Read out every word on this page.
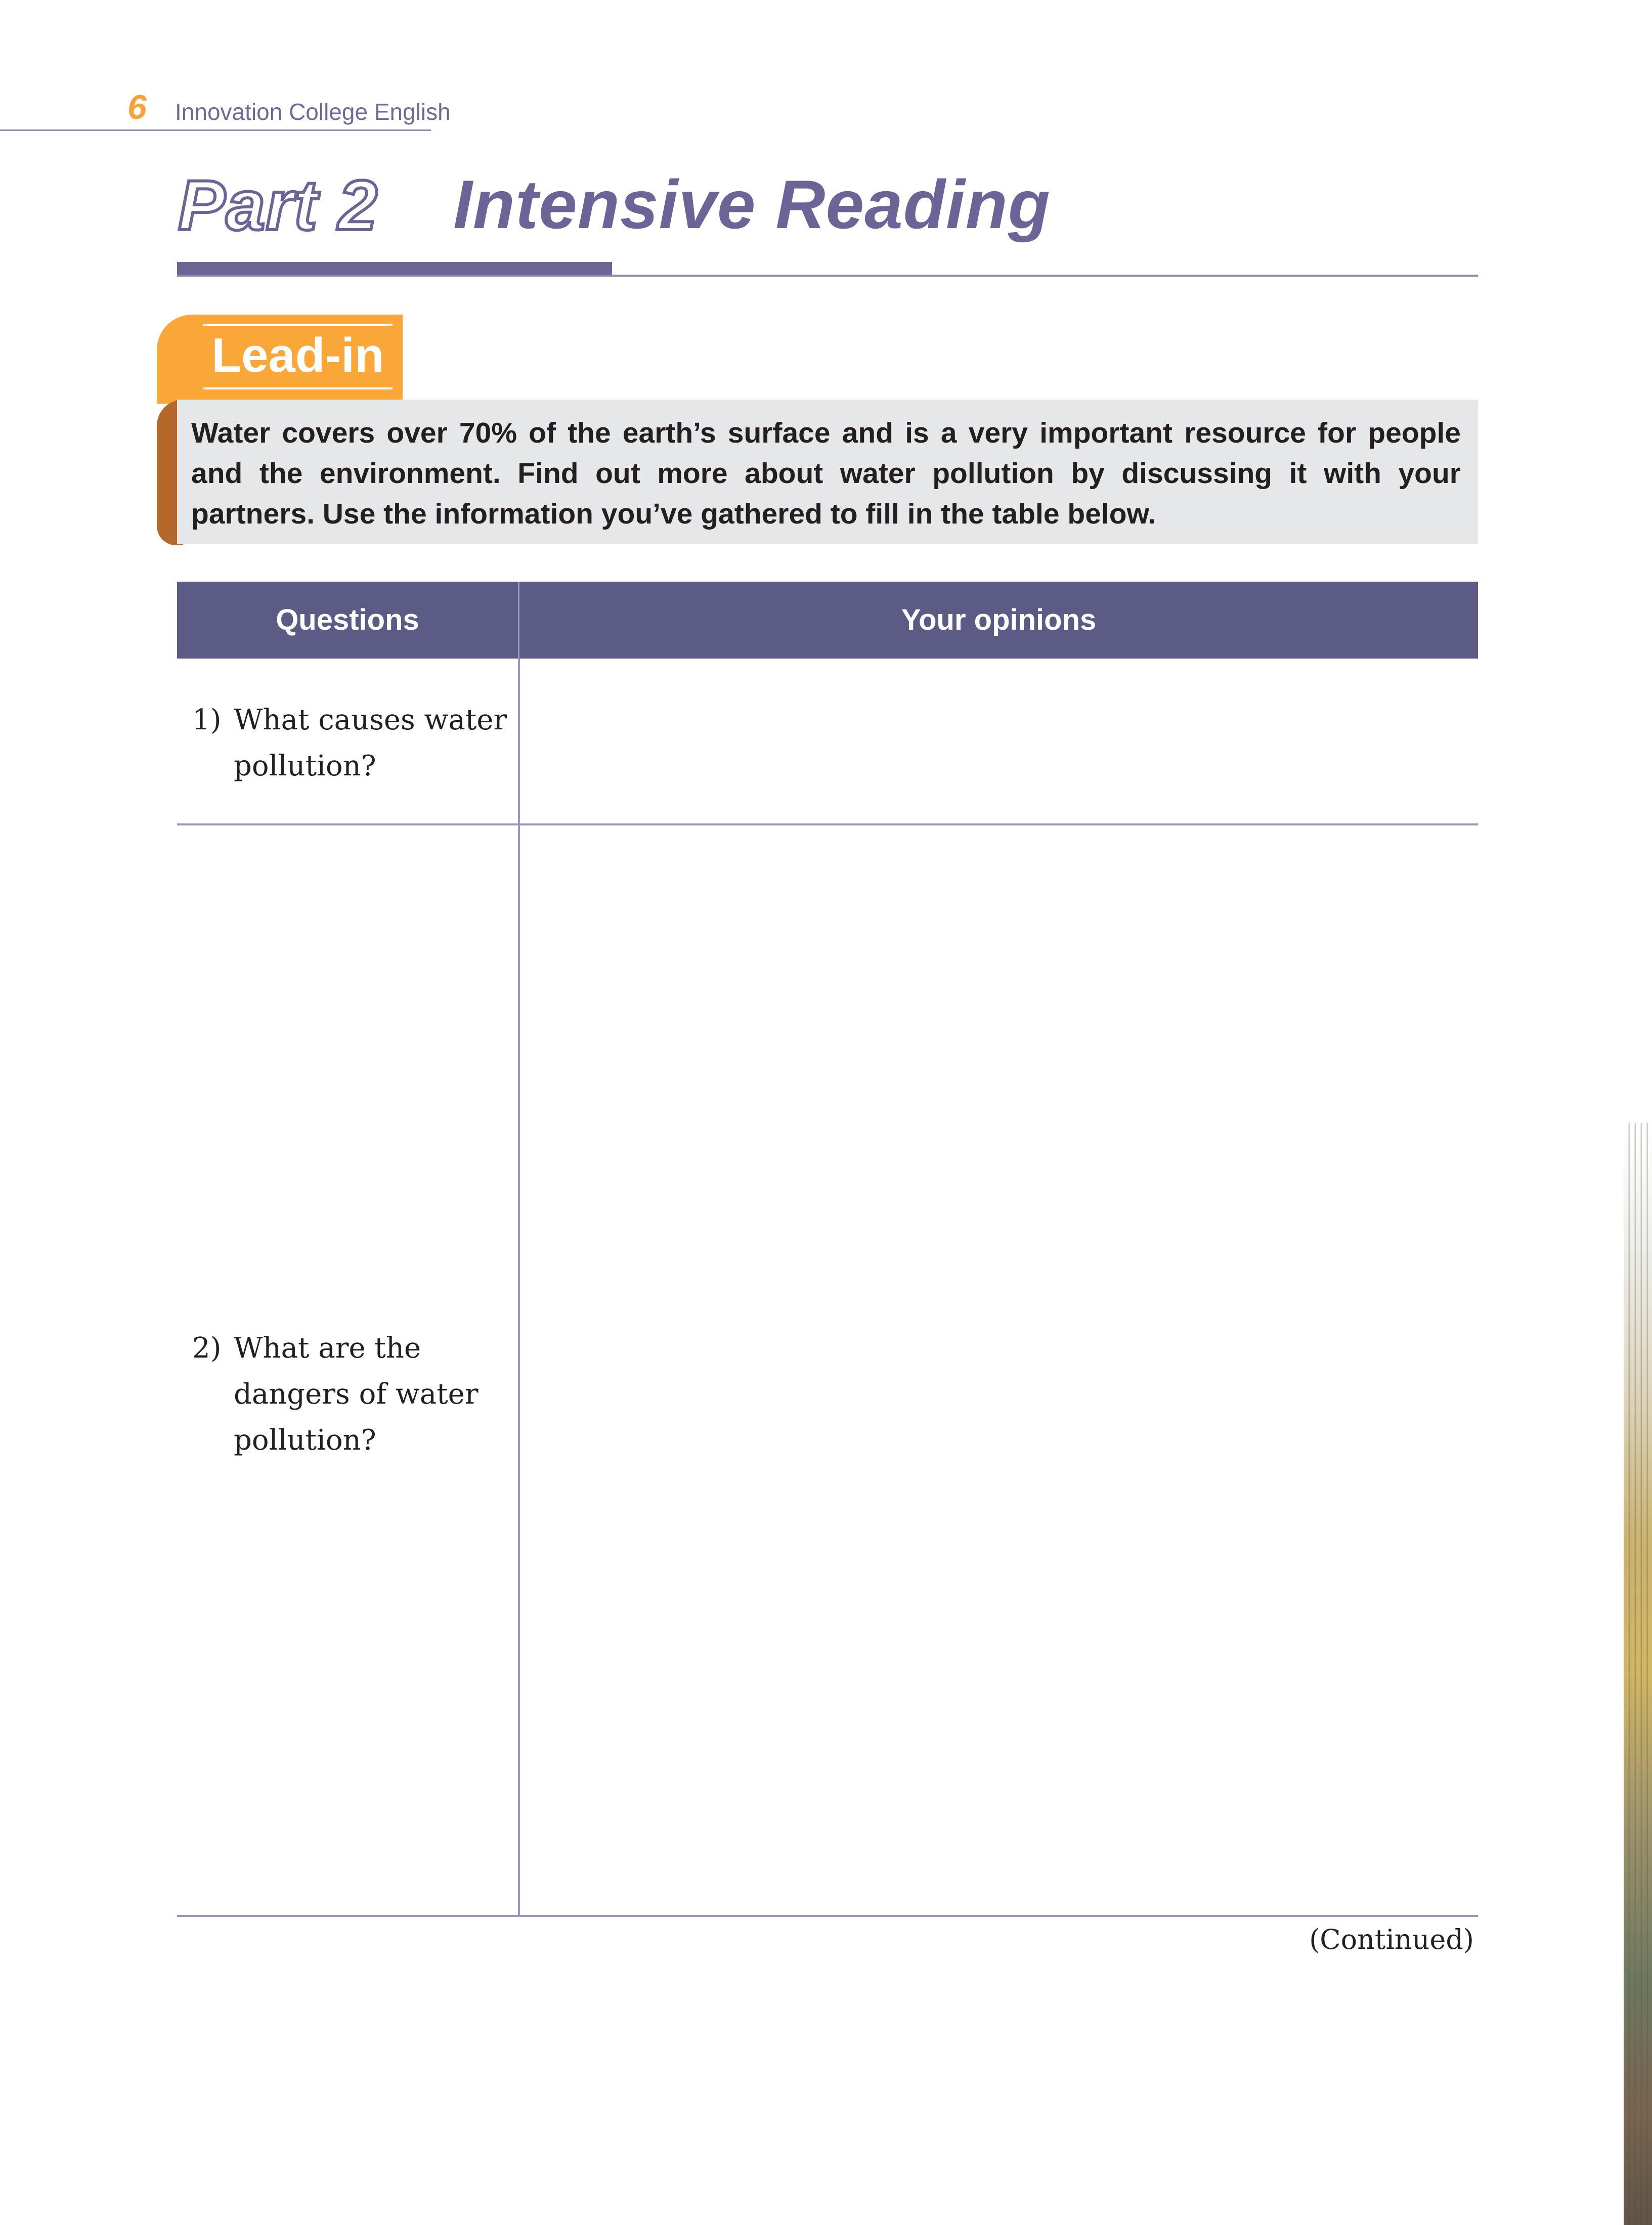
6 Innovation College English
Part 2 Intensive Reading
Lead-in

Water covers over 70% of the earth’s surface and is a very important resource for people and the environment. Find out more about water pollution by discussing it with your partners. Use the information you’ve gathered to fill in the table below.

Questions	Your opinions
1) What causes water pollution?
2) What are the dangers of water pollution?
(Continued)
